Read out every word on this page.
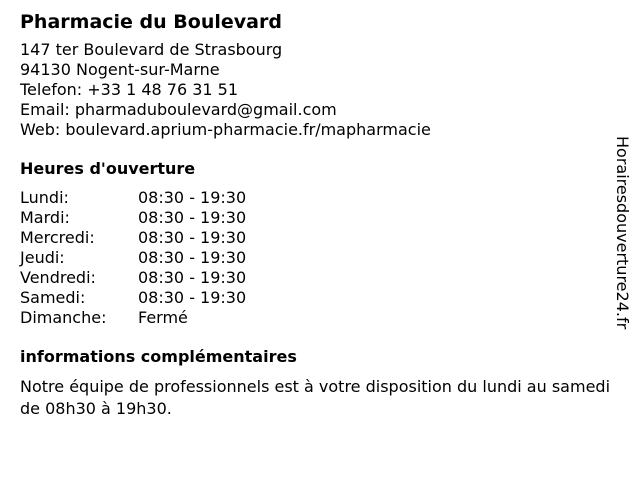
Pharmacie du Boulevard
147 ter Boulevard de Strasbourg
94130 Nogent-sur-Marne
Telefon: +33 1 48 76 31 51
Email: pharmaduboulevard@gmail.com
Web: boulevard.aprium-pharmacie.fr/mapharmacie
Heures d'ouverture
Lundi:	08:30 - 19:30
Mardi:	08:30 - 19:30
Mercredi:	08:30 - 19:30
Jeudi:	08:30 - 19:30
Vendredi:	08:30 - 19:30
Samedi:	08:30 - 19:30
Dimanche:	Fermé
informations complémentaires
Notre équipe de professionnels est à votre disposition du lundi au samedi de 08h30 à 19h30.
Horairesdouverture24.fr
